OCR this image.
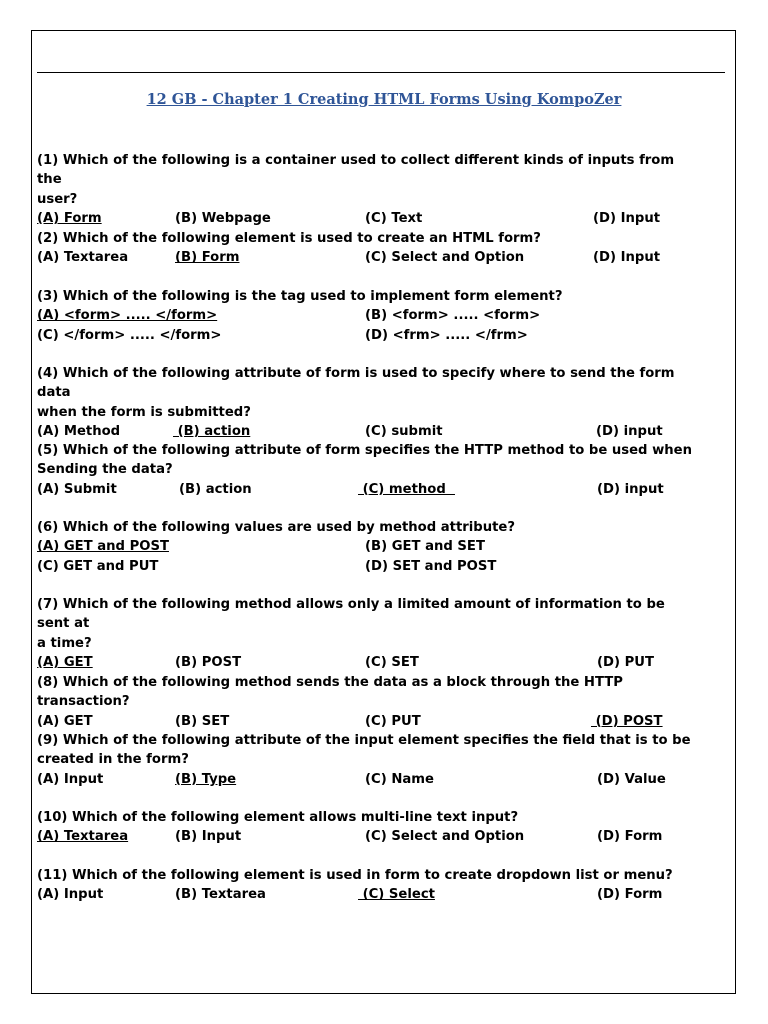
12 GB - Chapter 1 Creating HTML Forms Using KompoZer
(1) Which of the following is a container used to collect different kinds of inputs from the
user?
(A) Form	(B) Webpage	(C) Text	(D) Input
(2) Which of the following element is used to create an HTML form?
(A) Textarea	(B) Form	(C) Select and Option	(D) Input
(3) Which of the following is the tag used to implement form element?
(A) <form> ..... </form>	(B) <form> ..... <form>
(C) </form> ..... </form>	(D) <frm> ..... </frm>
(4) Which of the following attribute of form is used to specify where to send the form data
when the form is submitted?
(A) Method	(B) action	(C) submit	(D) input
(5) Which of the following attribute of form specifies the HTTP method to be used when
Sending the data?
(A) Submit	(B) action	(C) method	(D) input
(6) Which of the following values are used by method attribute?
(A) GET and POST	(B) GET and SET
(C) GET and PUT	(D) SET and POST
(7) Which of the following method allows only a limited amount of information to be sent at
a time?
(A) GET	(B) POST	(C) SET	(D) PUT
(8) Which of the following method sends the data as a block through the HTTP transaction?
(A) GET	(B) SET	(C) PUT	(D) POST
(9) Which of the following attribute of the input element specifies the field that is to be
created in the form?
(A) Input	(B) Type	(C) Name	(D) Value
(10) Which of the following element allows multi-line text input?
(A) Textarea	(B) Input	(C) Select and Option	(D) Form
(11) Which of the following element is used in form to create dropdown list or menu?
(A) Input	(B) Textarea	(C) Select	(D) Form
